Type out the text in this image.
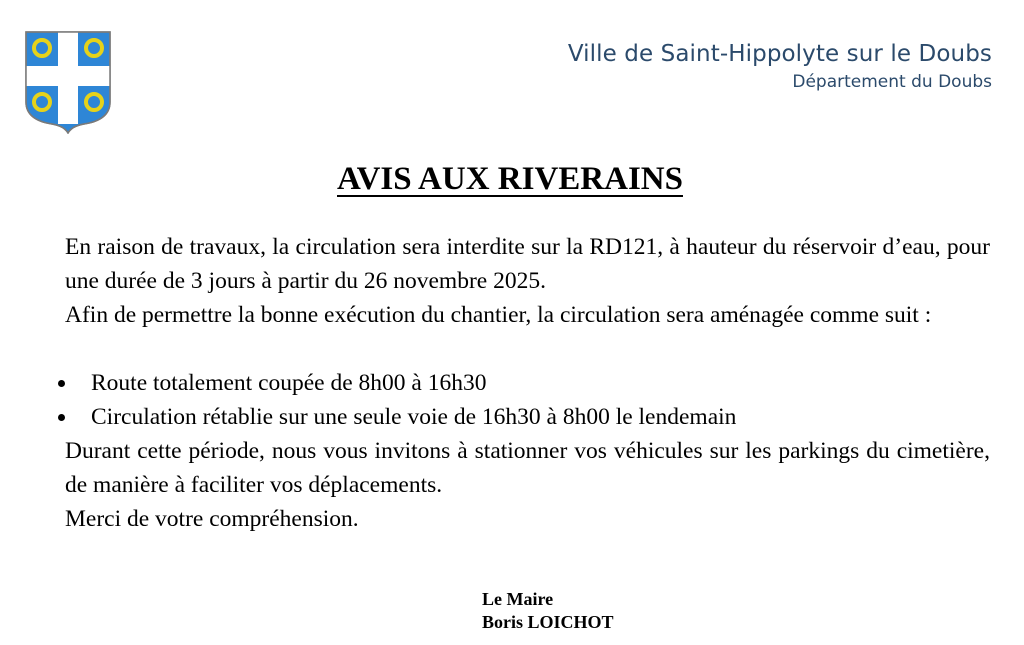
Ville de Saint-Hippolyte sur le Doubs
Département du Doubs
AVIS AUX RIVERAINS
En raison de travaux, la circulation sera interdite sur la RD121, à hauteur du réservoir d’eau, pour une durée de 3 jours à partir du 26 novembre 2025.
Afin de permettre la bonne exécution du chantier, la circulation sera aménagée comme suit :
Route totalement coupée de 8h00 à 16h30
Circulation rétablie sur une seule voie de 16h30 à 8h00 le lendemain
Durant cette période, nous vous invitons à stationner vos véhicules sur les parkings du cimetière, de manière à faciliter vos déplacements.
Merci de votre compréhension.
Le Maire
Boris LOICHOT
